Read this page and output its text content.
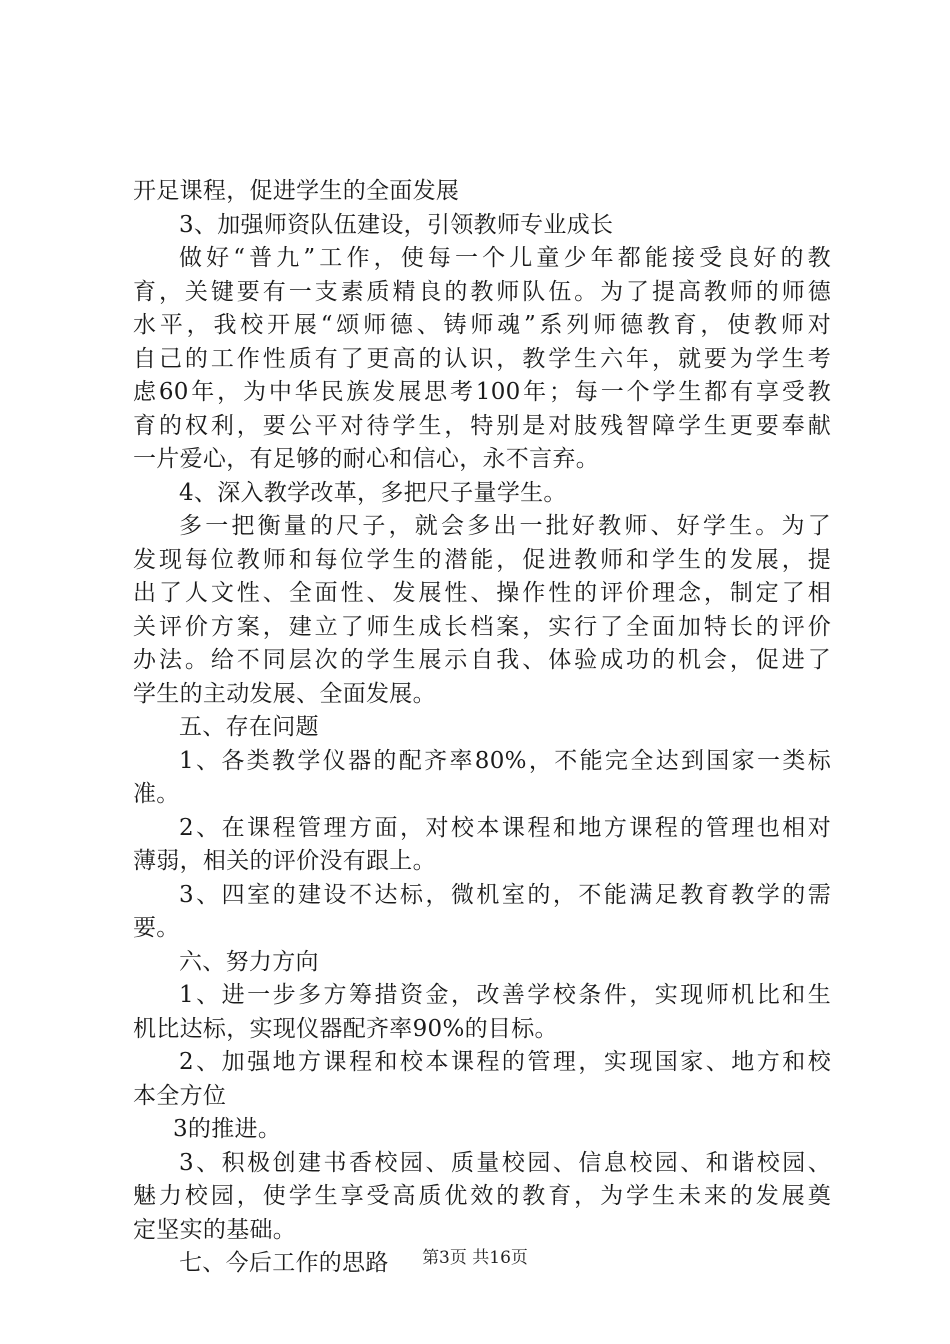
开足课程，促进学生的全面发展
3、加强师资队伍建设，引领教师专业成长
做好“普九”工作，使每一个儿童少年都能接受良好的教
育，关键要有一支素质精良的教师队伍。为了提高教师的师德
水平，我校开展“颂师德、铸师魂”系列师德教育，使教师对
自己的工作性质有了更高的认识，教学生六年，就要为学生考
虑60年，为中华民族发展思考100年；每一个学生都有享受教
育的权利，要公平对待学生，特别是对肢残智障学生更要奉献
一片爱心，有足够的耐心和信心，永不言弃。
4、深入教学改革，多把尺子量学生。
多一把衡量的尺子，就会多出一批好教师、好学生。为了
发现每位教师和每位学生的潜能，促进教师和学生的发展，提
出了人文性、全面性、发展性、操作性的评价理念，制定了相
关评价方案，建立了师生成长档案，实行了全面加特长的评价
办法。给不同层次的学生展示自我、体验成功的机会，促进了
学生的主动发展、全面发展。
五、存在问题
1、各类教学仪器的配齐率80%，不能完全达到国家一类标
准。
2、在课程管理方面，对校本课程和地方课程的管理也相对
薄弱，相关的评价没有跟上。
3、四室的建设不达标，微机室的，不能满足教育教学的需
要。
六、努力方向
1、进一步多方筹措资金，改善学校条件，实现师机比和生
机比达标，实现仪器配齐率90%的目标。
2、加强地方课程和校本课程的管理，实现国家、地方和校
本全方位
3的推进。
3、积极创建书香校园、质量校园、信息校园、和谐校园、
魅力校园，使学生享受高质优效的教育，为学生未来的发展奠
定坚实的基础。
七、今后工作的思路	第3页 共16页
